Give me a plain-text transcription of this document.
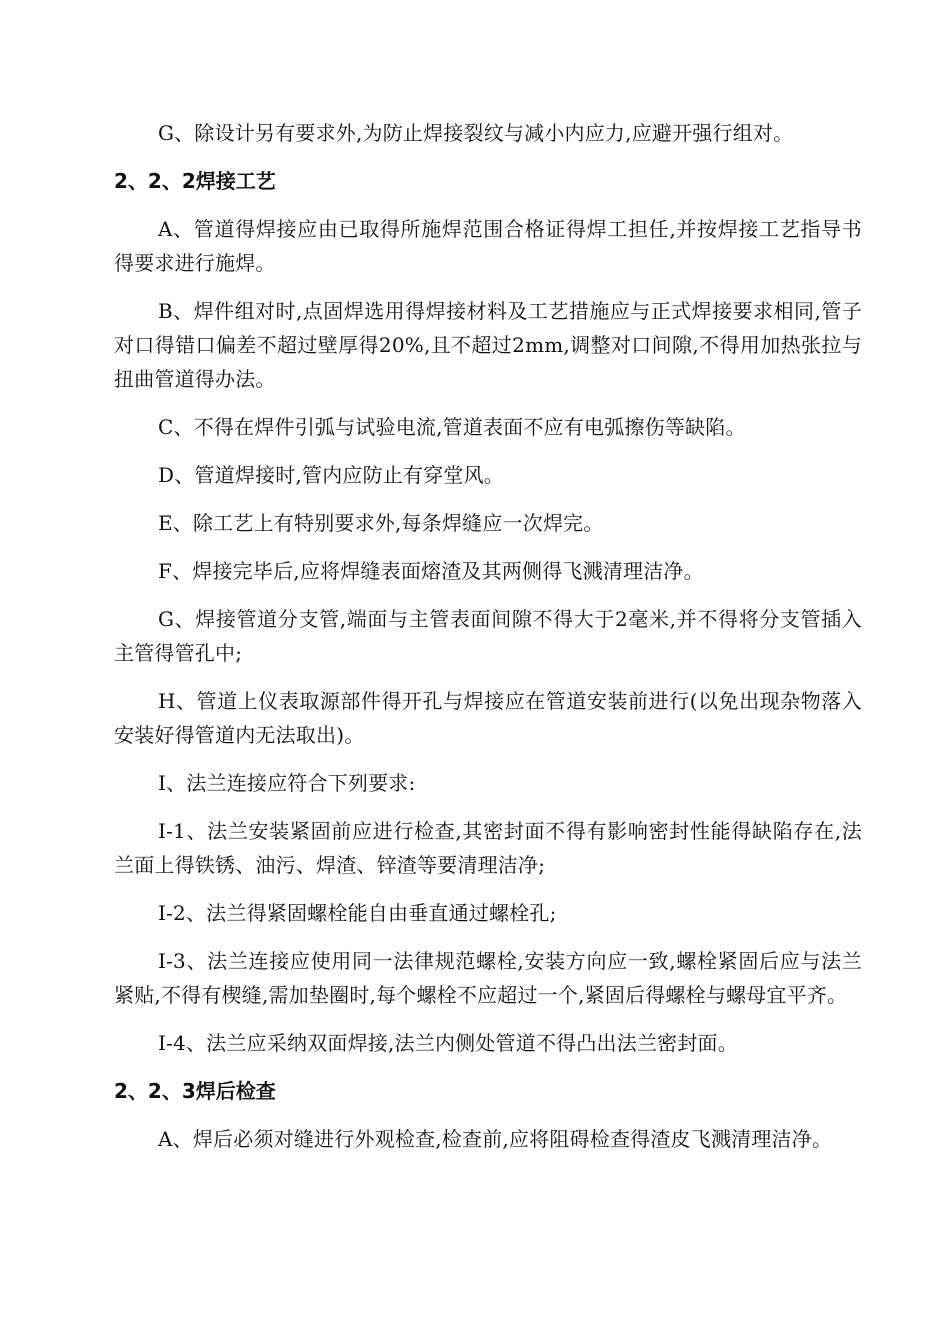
G、除设计另有要求外,为防止焊接裂纹与减小内应力,应避开强行组对。

2、2、2焊接工艺

A、管道得焊接应由已取得所施焊范围合格证得焊工担任,并按焊接工艺指导书得要求进行施焊。

B、焊件组对时,点固焊选用得焊接材料及工艺措施应与正式焊接要求相同,管子对口得错口偏差不超过壁厚得20%,且不超过2mm,调整对口间隙,不得用加热张拉与扭曲管道得办法。

C、不得在焊件引弧与试验电流,管道表面不应有电弧擦伤等缺陷。

D、管道焊接时,管内应防止有穿堂风。

E、除工艺上有特别要求外,每条焊缝应一次焊完。

F、焊接完毕后,应将焊缝表面熔渣及其两侧得飞溅清理洁净。

G、焊接管道分支管,端面与主管表面间隙不得大于2毫米,并不得将分支管插入主管得管孔中;

H、管道上仪表取源部件得开孔与焊接应在管道安装前进行(以免出现杂物落入安装好得管道内无法取出)。

I、法兰连接应符合下列要求:

I-1、法兰安装紧固前应进行检查,其密封面不得有影响密封性能得缺陷存在,法兰面上得铁锈、油污、焊渣、锌渣等要清理洁净;

I-2、法兰得紧固螺栓能自由垂直通过螺栓孔;

I-3、法兰连接应使用同一法律规范螺栓,安装方向应一致,螺栓紧固后应与法兰紧贴,不得有楔缝,需加垫圈时,每个螺栓不应超过一个,紧固后得螺栓与螺母宜平齐。

I-4、法兰应采纳双面焊接,法兰内侧处管道不得凸出法兰密封面。

2、2、3焊后检查

A、焊后必须对缝进行外观检查,检查前,应将阻碍检查得渣皮飞溅清理洁净。
